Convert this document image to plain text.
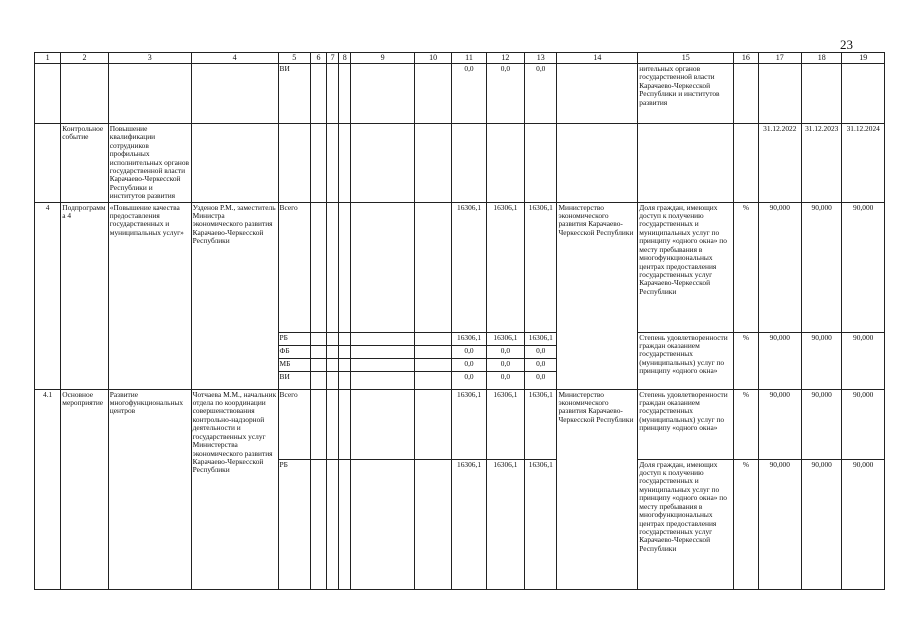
23
1	2	3	4	5	6	7	8	9	10	11	12	13	14	15	16	17	18	19
				ВИ						0,0	0,0	0,0		нительных органов государственной власти Карачаево-Черкесской Республики и институтов развития				
	Контрольное событие	Повышение квалификации сотрудников профильных исполнительных органов государственной власти Карачаево-Черкесской Республики и институтов развития														31.12.2022	31.12.2023	31.12.2024
4	Подпрограмма 4	«Повышение качества предоставления государственных и муниципальных услуг»	Узденов Р.М., заместитель Министра экономического развития Карачаево-Черкесской Республики	Всего						16306,1	16306,1	16306,1	Министерство экономического развития Карачаево-Черкесской Республики	Доля граждан, имеющих доступ к получению государственных и муниципальных услуг по принципу «одного окна» по месту пребывания в многофункциональных центрах предоставления государственных услуг Карачаево-Черкесской Республики	%	90,000	90,000	90,000
				РБ						16306,1	16306,1	16306,1		Степень удовлетворенности граждан оказанием государственных (муниципальных) услуг по принципу «одного окна»	%	90,000	90,000	90,000
				ФБ						0,0	0,0	0,0						
				МБ						0,0	0,0	0,0						
				ВИ						0,0	0,0	0,0						
4.1	Основное мероприятие	Развитие многофункциональных центров	Чотчаева М.М., начальник отдела по координации совершенствования контрольно-надзорной деятельности и государственных услуг Министерства экономического развития Карачаево-Черкесской Республики	Всего						16306,1	16306,1	16306,1	Министерство экономического развития Карачаево-Черкесской Республики	Степень удовлетворенности граждан оказанием государственных (муниципальных) услуг по принципу «одного окна»	%	90,000	90,000	90,000
				РБ						16306,1	16306,1	16306,1		Доля граждан, имеющих доступ к получению государственных и муниципальных услуг по принципу «одного окна» по месту пребывания в многофункциональных центрах предоставления государственных услуг Карачаево-Черкесской Республики	%	90,000	90,000	90,000
